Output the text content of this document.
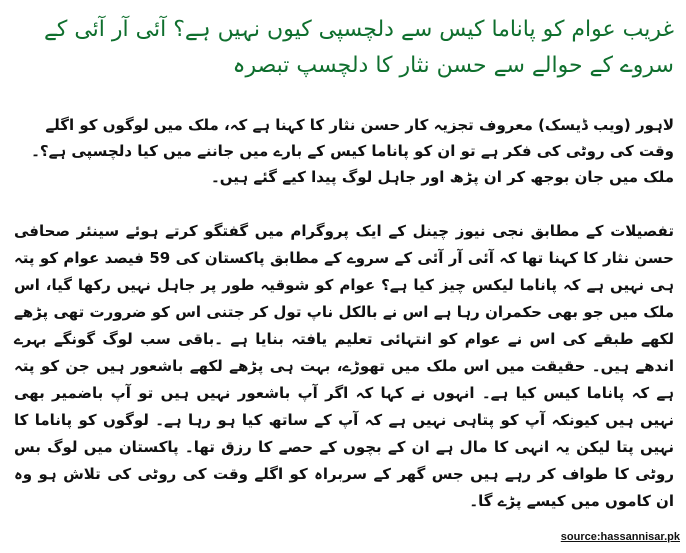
غریب عوام کو پاناما کیس سے دلچسپی کیوں نہیں ہے؟ آئی آر آئی کے سروے کے حوالے سے حسن نثار کا دلچسپ تبصرہ

لاہور (ویب ڈیسک) معروف تجزیہ کار حسن نثار کا کہنا ہے کہ، ملک میں لوگوں کو اگلے وقت کی روٹی کی فکر ہے تو ان کو پاناما کیس کے بارے میں جاننے میں کیا دلچسپی ہے؟۔ ملک میں جان بوجھ کر ان پڑھ اور جاہل لوگ پیدا کیے گئے ہیں۔

تفصیلات کے مطابق نجی نیوز چینل کے ایک پروگرام میں گفتگو کرتے ہوئے سینئر صحافی حسن نثار کا کہنا تھا کہ آئی آر آئی کے سروے کے مطابق پاکستان کی 59 فیصد عوام کو پتہ ہی نہیں ہے کہ پاناما لیکس چیز کیا ہے؟ عوام کو شوقیہ طور پر جاہل نہیں رکھا گیا، اس ملک میں جو بھی حکمران رہا ہے اس نے بالکل ناپ تول کر جتنی اس کو ضرورت تھی پڑھے لکھے طبقے کی اس نے عوام کو انتہائی تعلیم یافتہ بنایا ہے ۔باقی سب لوگ گونگے بہرے اندھے ہیں۔ حقیقت میں اس ملک میں تھوڑے، بہت ہی پڑھے لکھے باشعور ہیں جن کو پتہ ہے کہ پاناما کیس کیا ہے۔ انہوں نے کہا کہ اگر آپ باشعور نہیں ہیں تو آپ باضمیر بھی نہیں ہیں کیونکہ آپ کو پتاہی نہیں ہے کہ آپ کے ساتھ کیا ہو رہا ہے۔ لوگوں کو پاناما کا نہیں پتا لیکن یہ انہی کا مال ہے ان کے بچوں کے حصے کا رزق تھا۔ پاکستان میں لوگ بس روٹی کا طواف کر رہے ہیں جس گھر کے سربراہ کو اگلے وقت کی روٹی کی تلاش ہو وہ ان کاموں میں کیسے پڑے گا۔

source:hassannisar.pk
